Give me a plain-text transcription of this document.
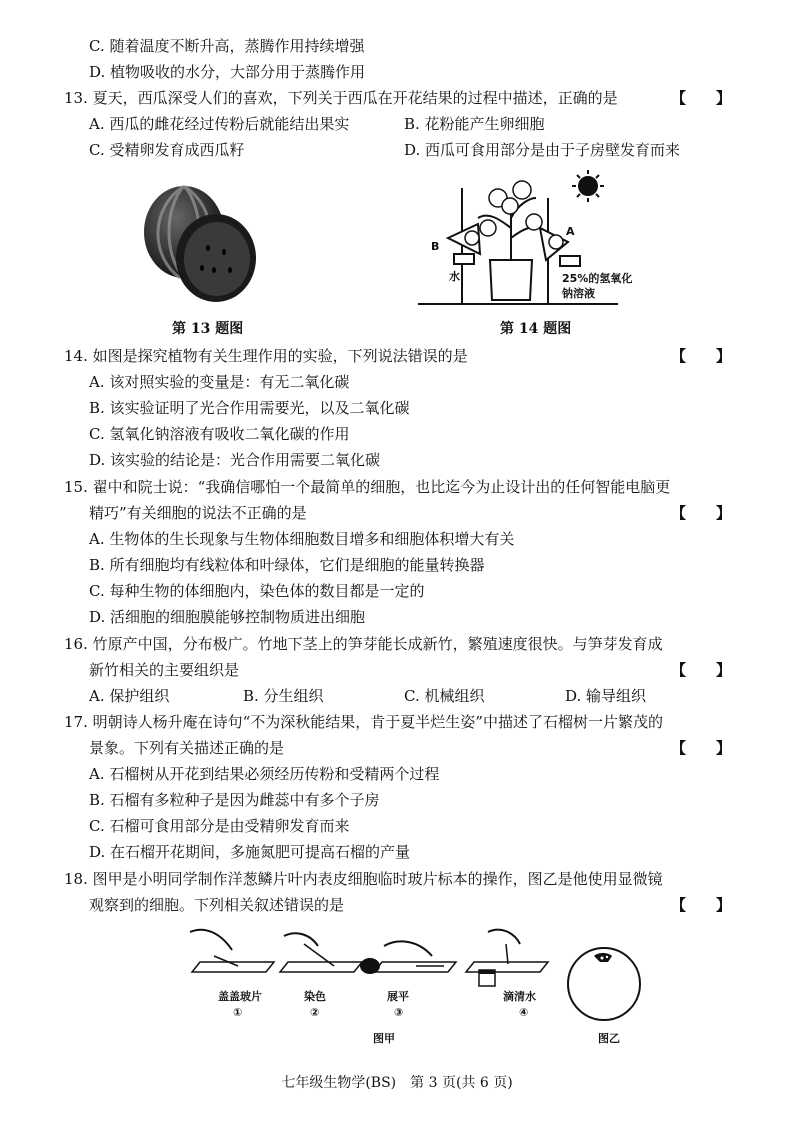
C. 随着温度不断升高，蒸腾作用持续增强
D. 植物吸收的水分，大部分用于蒸腾作用
13. 夏天，西瓜深受人们的喜欢，下列关于西瓜在开花结果的过程中描述，正确的是	【　　】
A. 西瓜的雌花经过传粉后就能结出果实	B. 花粉能产生卵细胞
C. 受精卵发育成西瓜籽	D. 西瓜可食用部分是由于子房壁发育而来
第 13 题图
B
A
水	25%的氢氧化
钠溶液
第 14 题图
14. 如图是探究植物有关生理作用的实验，下列说法错误的是	【　　】
A. 该对照实验的变量是：有无二氧化碳
B. 该实验证明了光合作用需要光，以及二氧化碳
C. 氢氧化钠溶液有吸收二氧化碳的作用
D. 该实验的结论是：光合作用需要二氧化碳
15. 翟中和院士说：“我确信哪怕一个最简单的细胞，也比迄今为止设计出的任何智能电脑更
精巧”有关细胞的说法不正确的是	【　　】
A. 生物体的生长现象与生物体细胞数目增多和细胞体积增大有关
B. 所有细胞均有线粒体和叶绿体，它们是细胞的能量转换器
C. 每种生物的体细胞内，染色体的数目都是一定的
D. 活细胞的细胞膜能够控制物质进出细胞
16. 竹原产中国，分布极广。竹地下茎上的笋芽能长成新竹，繁殖速度很快。与笋芽发育成
新竹相关的主要组织是	【　　】
A. 保护组织	B. 分生组织	C. 机械组织	D. 输导组织
17. 明朝诗人杨升庵在诗句“不为深秋能结果，肯于夏半烂生姿”中描述了石榴树一片繁茂的
景象。下列有关描述正确的是	【　　】
A. 石榴树从开花到结果必须经历传粉和受精两个过程
B. 石榴有多粒种子是因为雌蕊中有多个子房
C. 石榴可食用部分是由受精卵发育而来
D. 在石榴开花期间，多施氮肥可提高石榴的产量
18. 图甲是小明同学制作洋葱鳞片叶内表皮细胞临时玻片标本的操作，图乙是他使用显微镜
观察到的细胞。下列相关叙述错误的是	【　　】
盖盖玻片
①
染色
②
展平
③
滴清水
④
图甲	图乙
七年级生物学(BS)　第 3 页(共 6 页)
